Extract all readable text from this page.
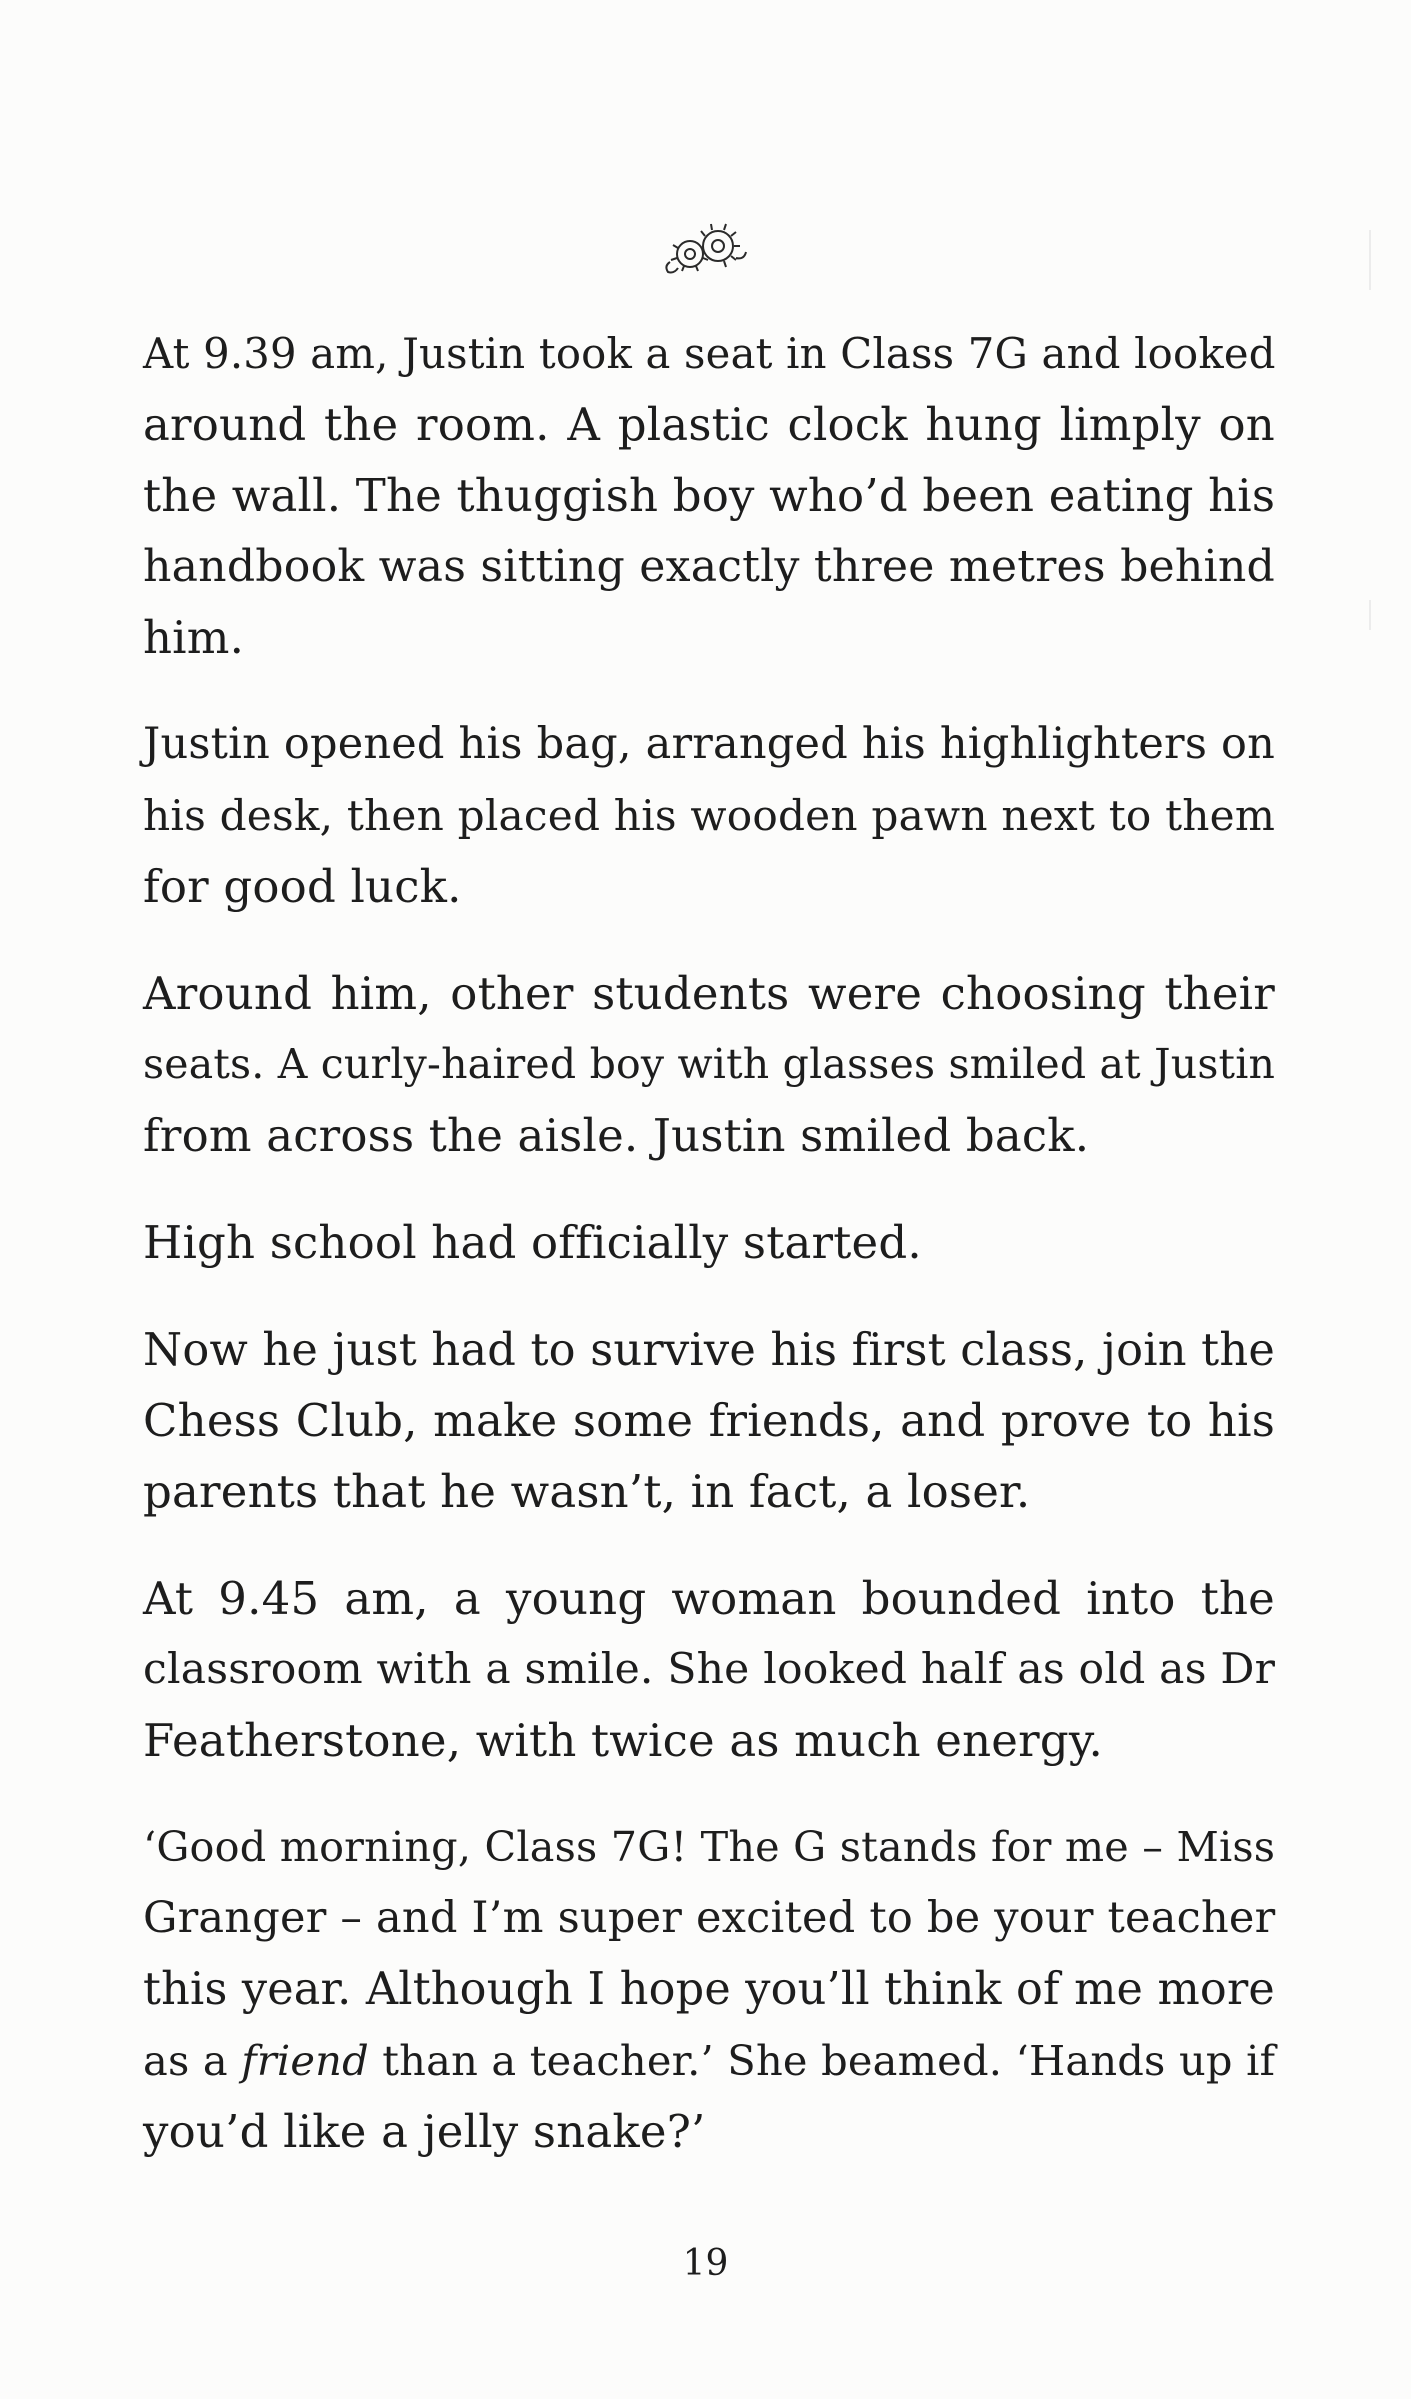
At 9.39 am, Justin took a seat in Class 7G and looked
around the room. A plastic clock hung limply on
the wall. The thuggish boy who’d been eating his
handbook was sitting exactly three metres behind
him.
Justin opened his bag, arranged his highlighters on
his desk, then placed his wooden pawn next to them
for good luck.
Around him, other students were choosing their
seats. A curly-haired boy with glasses smiled at Justin
from across the aisle. Justin smiled back.
High school had officially started.
Now he just had to survive his first class, join the
Chess Club, make some friends, and prove to his
parents that he wasn’t, in fact, a loser.
At 9.45 am, a young woman bounded into the
classroom with a smile. She looked half as old as Dr
Featherstone, with twice as much energy.
‘Good morning, Class 7G! The G stands for me – Miss
Granger – and I’m super excited to be your teacher
this year. Although I hope you’ll think of me more
as a friend than a teacher.’ She beamed. ‘Hands up if
you’d like a jelly snake?’
19
